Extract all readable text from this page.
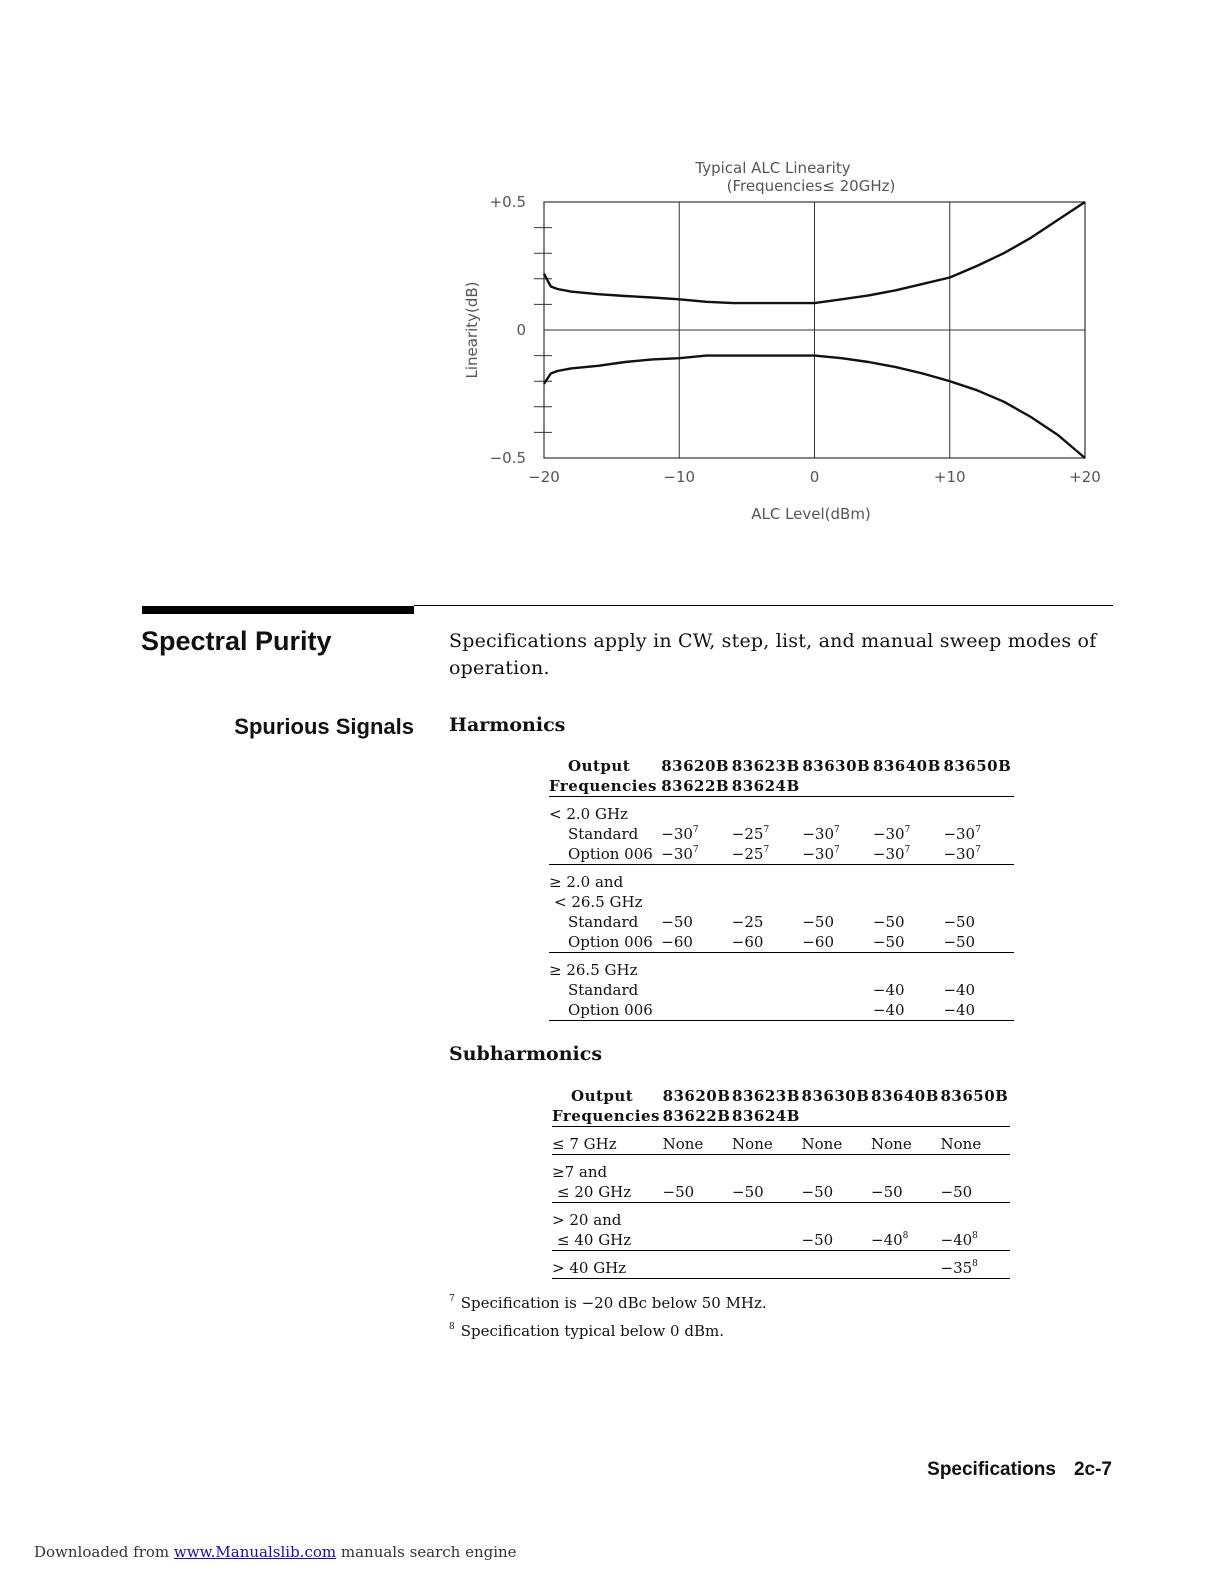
Typical ALC Linearity
(Frequencies≤ 20GHz)
Linearity(dB)
ALC Level(dBm)
−20	−10	0	+10	+20
+0.5
0
−0.5
Spectral Purity	Specifications apply in CW, step, list, and manual sweep modes of operation.

Spurious Signals Harmonics
Output	83620B	83623B	83630B	83640B	83650B
Frequencies	83622B	83624B			
< 2.0 GHz					
Standard	$-30^7$	$-25^7$	$-30^7$	$-30^7$	$-30^7$
Option 006	$-30^7$	$-25^7$	$-30^7$	$-30^7$	$-30^7$
≥ 2.0 and					
< 26.5 GHz					
Standard	−50	−25	−50	−50	−50
Option 006	−60	−60	−60	−50	−50
≥ 26.5 GHz					
Standard				−40	−40
Option 006				−40	−40
Subharmonics
Output	83620B	83623B	83630B	83640B	83650B
Frequencies	83622B	83624B			
≤ 7 GHz	None	None	None	None	None
≥7 and					
≤ 20 GHz	−50	−50	−50	−50	−50
> 20 and					
≤ 40 GHz			−50	$-40^8$	$-40^8$
> 40 GHz					$-35^8$

$^7$ Specification is −20 dBc below 50 MHz.

$^8$ Specification typical below 0 dBm.

Specifications 2c-7

Downloaded from www.Manualslib.com manuals search engine
